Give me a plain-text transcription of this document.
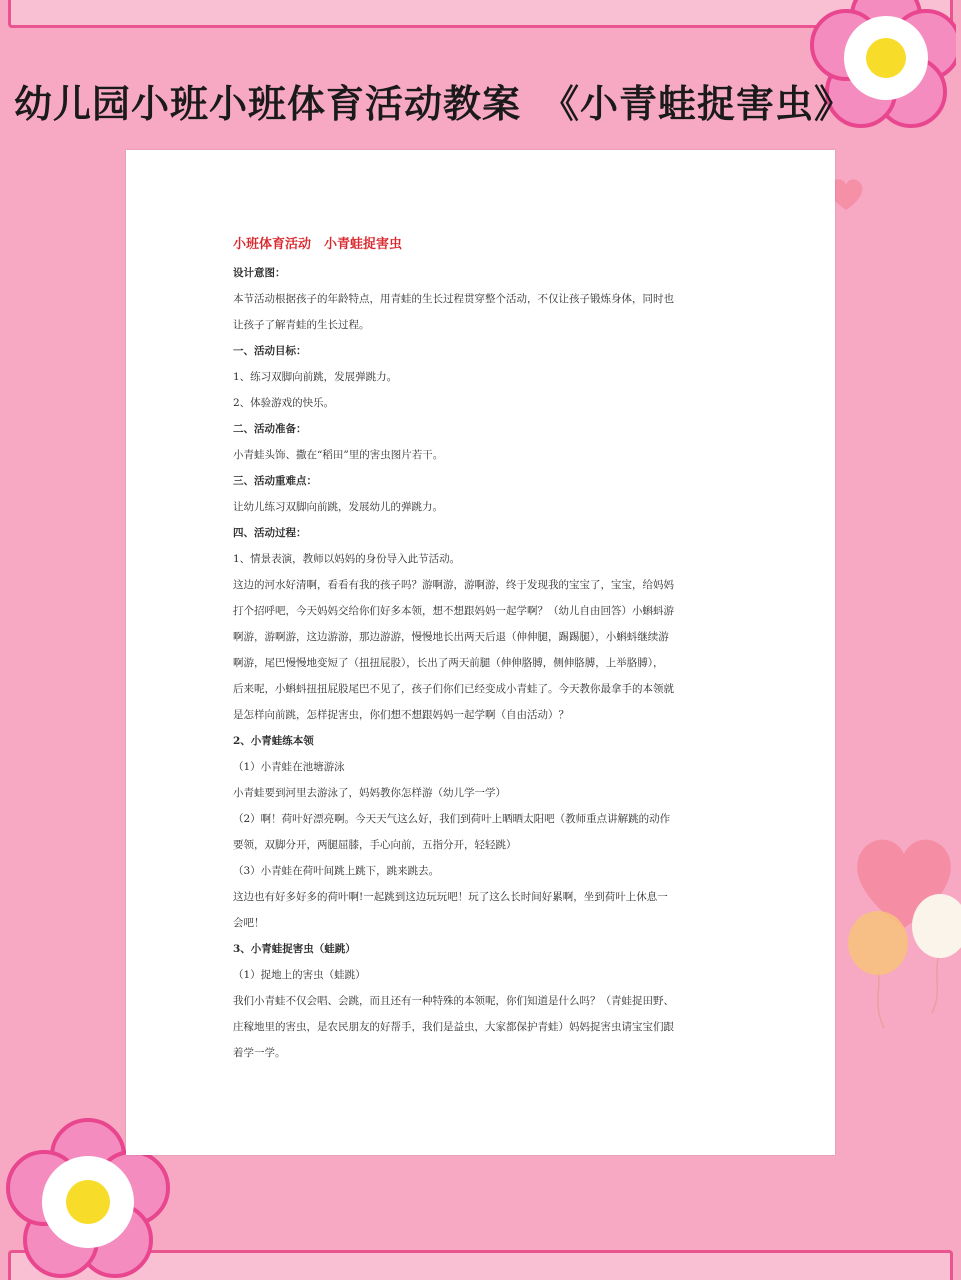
幼儿园小班小班体育活动教案　《小青蛙捉害虫》
小班体育活动　小青蛙捉害虫
设计意图：
本节活动根据孩子的年龄特点，用青蛙的生长过程贯穿整个活动，不仅让孩子锻炼身体，同时也
让孩子了解青蛙的生长过程。
一、活动目标：
1、练习双脚向前跳，发展弹跳力。
2、体验游戏的快乐。
二、活动准备：
小青蛙头饰、撒在“稻田”里的害虫图片若干。
三、活动重难点：
让幼儿练习双脚向前跳，发展幼儿的弹跳力。
四、活动过程：
1、情景表演，教师以妈妈的身份导入此节活动。
这边的河水好清啊，看看有我的孩子吗？游啊游，游啊游，终于发现我的宝宝了，宝宝，给妈妈
打个招呼吧，今天妈妈交给你们好多本领，想不想跟妈妈一起学啊？（幼儿自由回答）小蝌蚪游
啊游，游啊游，这边游游，那边游游，慢慢地长出两天后退（伸伸腿，踢踢腿），小蝌蚪继续游
啊游，尾巴慢慢地变短了（扭扭屁股），长出了两天前腿（伸伸胳膊，侧伸胳膊，上举胳膊），
后来呢，小蝌蚪扭扭屁股尾巴不见了，孩子们你们已经变成小青蛙了。今天教你最拿手的本领就
是怎样向前跳，怎样捉害虫，你们想不想跟妈妈一起学啊（自由活动）？
2、小青蛙练本领
（1）小青蛙在池塘游泳
小青蛙要到河里去游泳了，妈妈教你怎样游（幼儿学一学）
（2）啊！荷叶好漂亮啊。今天天气这么好，我们到荷叶上晒晒太阳吧（教师重点讲解跳的动作
要领，双脚分开，两腿屈膝，手心向前，五指分开，轻轻跳）
（3）小青蛙在荷叶间跳上跳下，跳来跳去。
这边也有好多好多的荷叶啊!一起跳到这边玩玩吧！玩了这么长时间好累啊，坐到荷叶上休息一
会吧！
3、小青蛙捉害虫（蛙跳）
（1）捉地上的害虫（蛙跳）
我们小青蛙不仅会唱、会跳，而且还有一种特殊的本领呢，你们知道是什么吗？（青蛙捉田野、
庄稼地里的害虫，是农民朋友的好帮手，我们是益虫，大家都保护青蛙）妈妈捉害虫请宝宝们跟
着学一学。
